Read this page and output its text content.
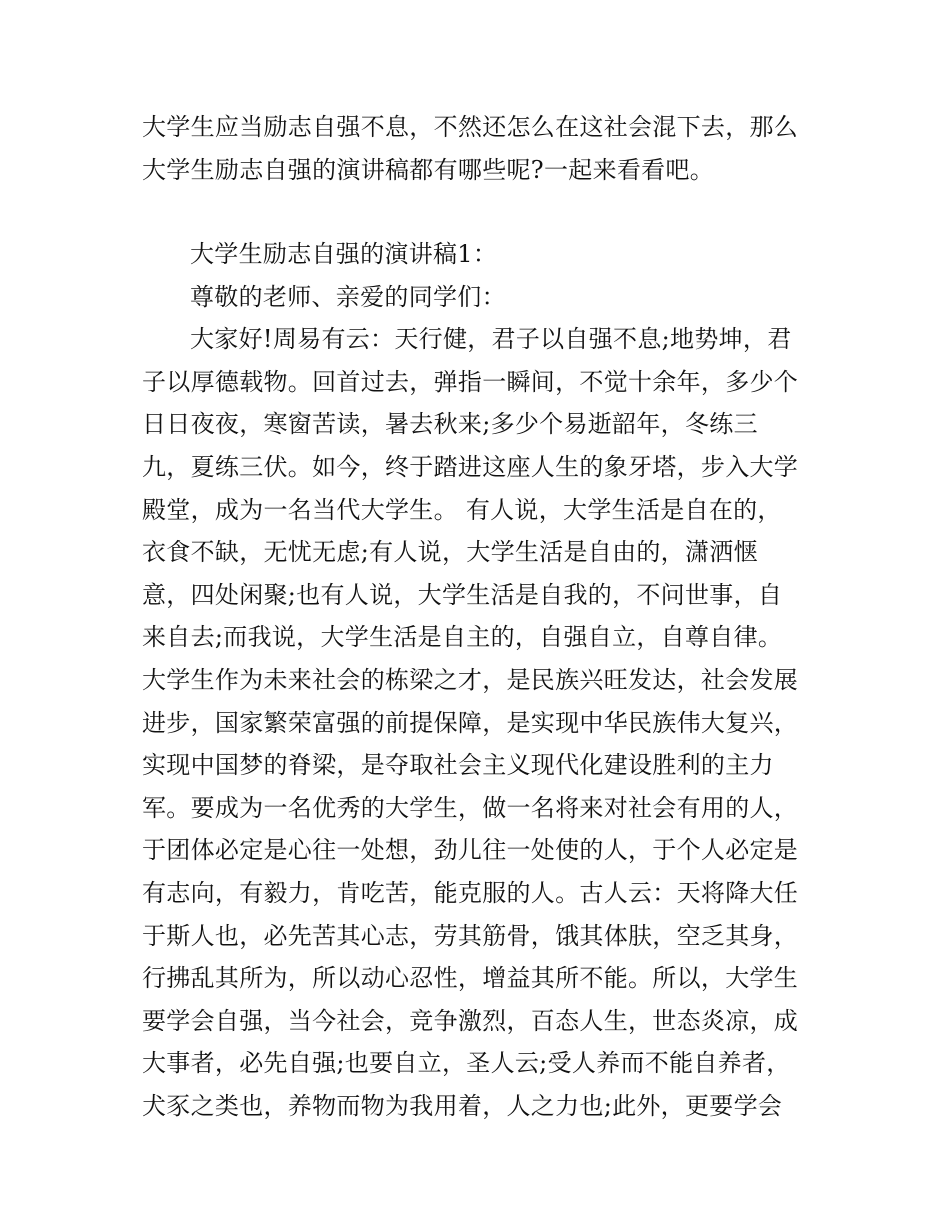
大学生应当励志自强不息，不然还怎么在这社会混下去，那么
大学生励志自强的演讲稿都有哪些呢?一起来看看吧。
大学生励志自强的演讲稿1：
尊敬的老师、亲爱的同学们：
大家好!周易有云：天行健，君子以自强不息;地势坤，君
子以厚德载物。回首过去，弹指一瞬间，不觉十余年，多少个
日日夜夜，寒窗苦读，暑去秋来;多少个易逝韶年，冬练三
九，夏练三伏。如今，终于踏进这座人生的象牙塔，步入大学
殿堂，成为一名当代大学生。 有人说，大学生活是自在的，
衣食不缺，无忧无虑;有人说，大学生活是自由的，潇洒惬
意，四处闲聚;也有人说，大学生活是自我的，不问世事，自
来自去;而我说，大学生活是自主的，自强自立，自尊自律。
大学生作为未来社会的栋梁之才，是民族兴旺发达，社会发展
进步，国家繁荣富强的前提保障，是实现中华民族伟大复兴，
实现中国梦的脊梁，是夺取社会主义现代化建设胜利的主力
军。要成为一名优秀的大学生，做一名将来对社会有用的人，
于团体必定是心往一处想，劲儿往一处使的人，于个人必定是
有志向，有毅力，肯吃苦，能克服的人。古人云：天将降大任
于斯人也，必先苦其心志，劳其筋骨，饿其体肤，空乏其身，
行拂乱其所为，所以动心忍性，增益其所不能。所以，大学生
要学会自强，当今社会，竞争激烈，百态人生，世态炎凉，成
大事者，必先自强;也要自立，圣人云;受人养而不能自养者，
犬豕之类也，养物而物为我用着，人之力也;此外，更要学会
